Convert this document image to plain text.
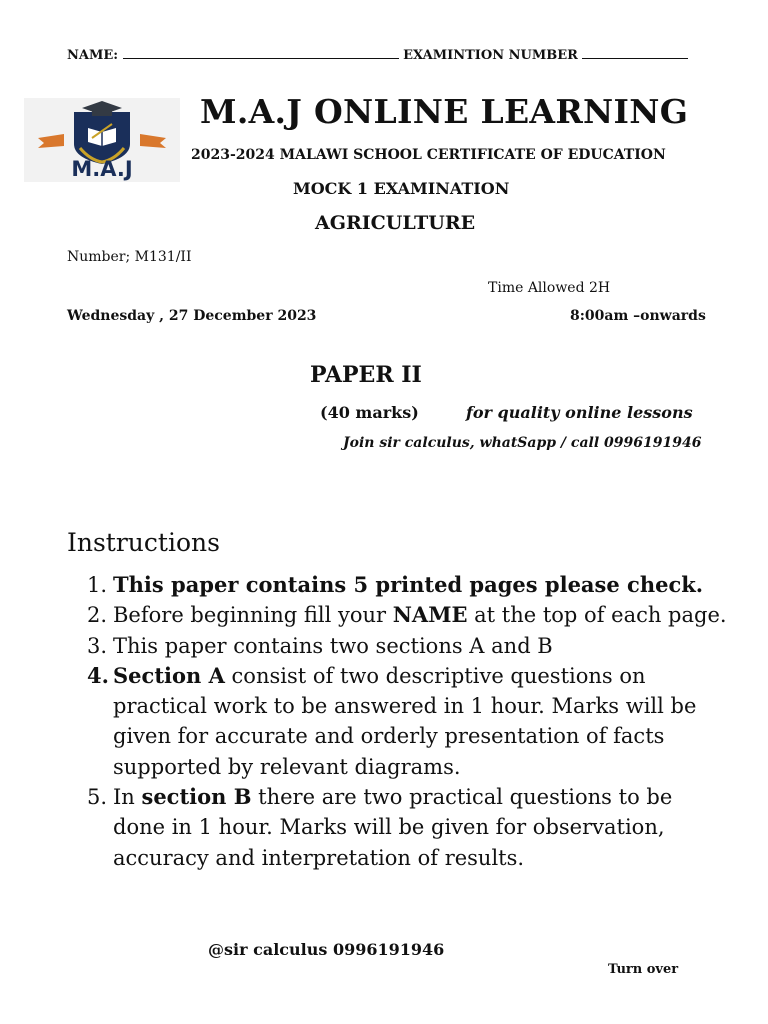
NAME:	EXAMINTION NUMBER
M.A.J
M.A.J ONLINE LEARNING
2023-2024 MALAWI SCHOOL CERTIFICATE OF EDUCATION
MOCK 1 EXAMINATION
AGRICULTURE
Number; M131/II
Time Allowed 2H
Wednesday , 27 December 2023	8:00am –onwards
PAPER II
(40 marks)	for quality online lessons
Join sir calculus, whatSapp / call 0996191946
Instructions
1. This paper contains 5 printed pages please check.
2. Before beginning fill your NAME at the top of each page.
3. This paper contains two sections A and B
4. Section A consist of two descriptive questions on practical work to be answered in 1 hour. Marks will be given for accurate and orderly presentation of facts supported by relevant diagrams.
5. In section B there are two practical questions to be done in 1 hour. Marks will be given for observation, accuracy and interpretation of results.
@sir calculus 0996191946
Turn over
